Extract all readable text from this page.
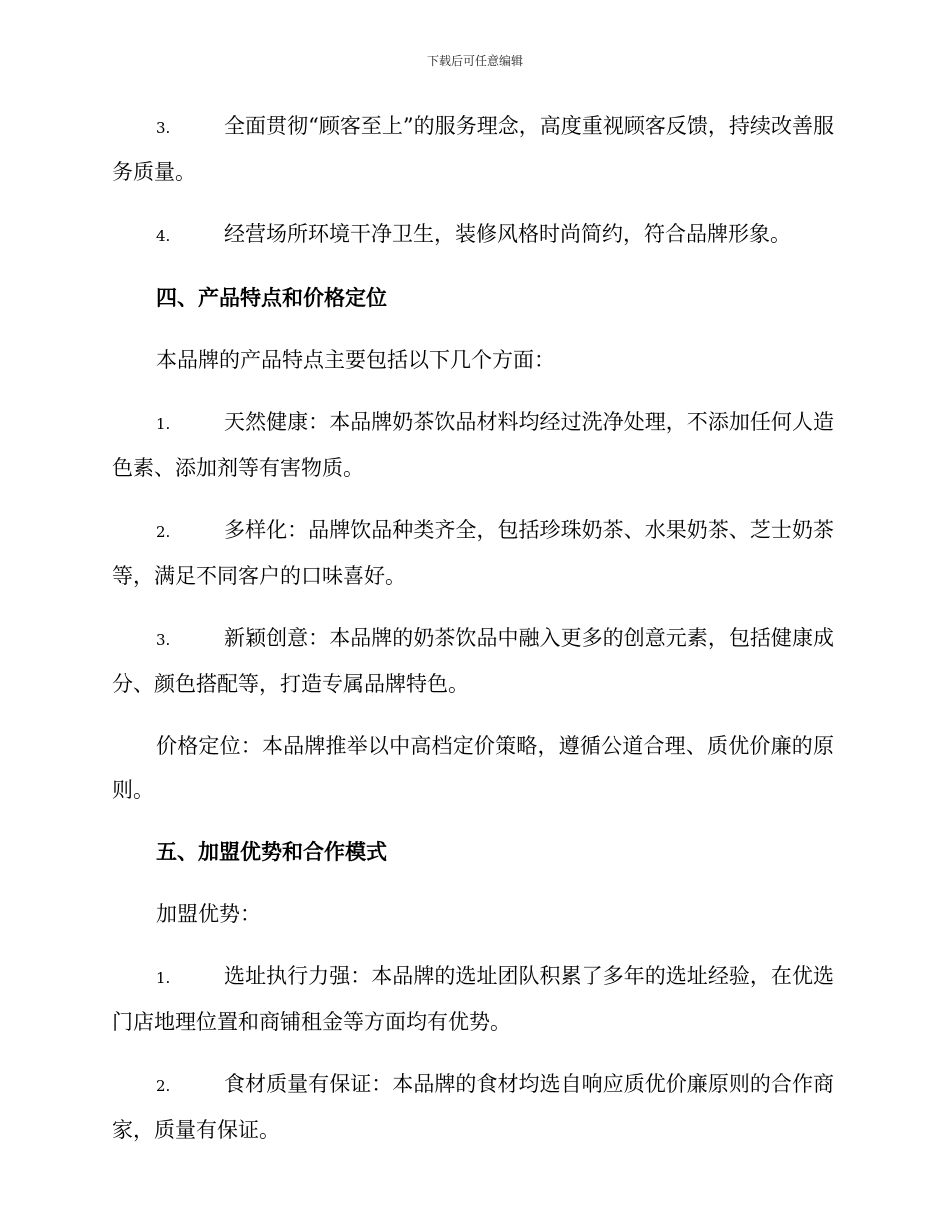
下载后可任意编辑

3.	全面贯彻“顾客至上”的服务理念，高度重视顾客反馈，持续改善服务质量。

4.	经营场所环境干净卫生，装修风格时尚简约，符合品牌形象。

四、产品特点和价格定位

本品牌的产品特点主要包括以下几个方面：

1.	天然健康：本品牌奶茶饮品材料均经过洗净处理，不添加任何人造色素、添加剂等有害物质。

2.	多样化：品牌饮品种类齐全，包括珍珠奶茶、水果奶茶、芝士奶茶等，满足不同客户的口味喜好。

3.	新颖创意：本品牌的奶茶饮品中融入更多的创意元素，包括健康成分、颜色搭配等，打造专属品牌特色。

价格定位：本品牌推举以中高档定价策略，遵循公道合理、质优价廉的原则。

五、加盟优势和合作模式

加盟优势：

1.	选址执行力强：本品牌的选址团队积累了多年的选址经验，在优选门店地理位置和商铺租金等方面均有优势。

2.	食材质量有保证：本品牌的食材均选自响应质优价廉原则的合作商家，质量有保证。
